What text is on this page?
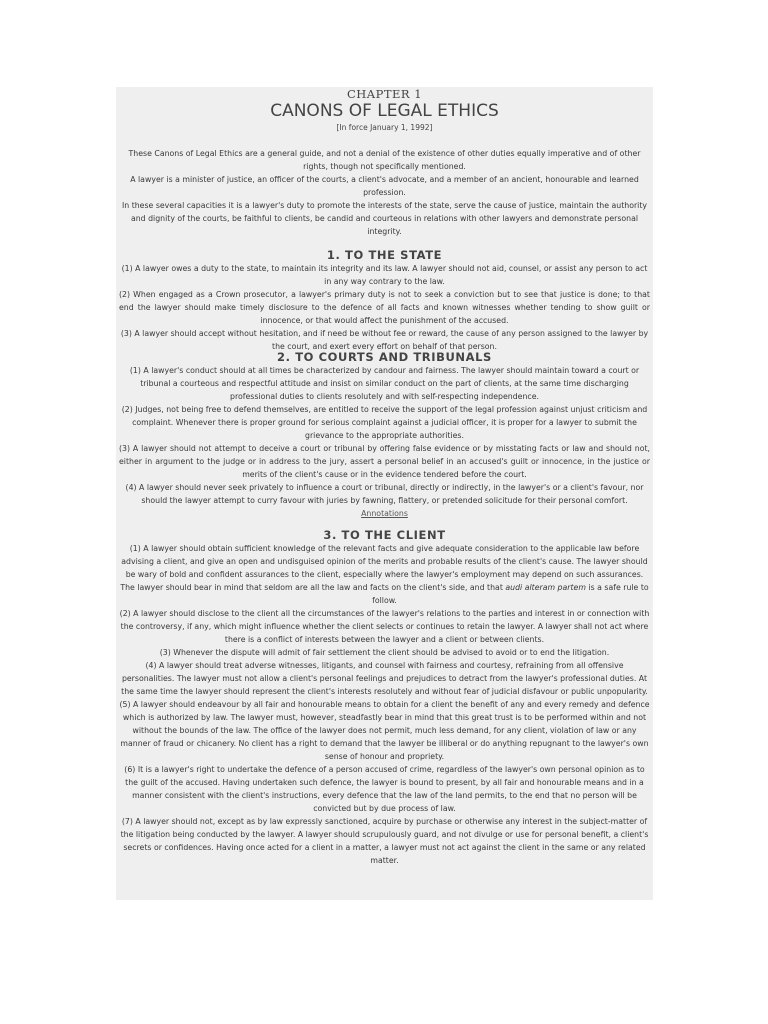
CHAPTER 1

CANONS OF LEGAL ETHICS

[In force January 1, 1992]

These Canons of Legal Ethics are a general guide, and not a denial of the existence of other duties equally imperative and of other rights, though not specifically mentioned.

A lawyer is a minister of justice, an officer of the courts, a client's advocate, and a member of an ancient, honourable and learned profession.

In these several capacities it is a lawyer's duty to promote the interests of the state, serve the cause of justice, maintain the authority and dignity of the courts, be faithful to clients, be candid and courteous in relations with other lawyers and demonstrate personal integrity.

1. TO THE STATE

(1) A lawyer owes a duty to the state, to maintain its integrity and its law. A lawyer should not aid, counsel, or assist any person to act in any way contrary to the law.

(2) When engaged as a Crown prosecutor, a lawyer's primary duty is not to seek a conviction but to see that justice is done; to that end the lawyer should make timely disclosure to the defence of all facts and known witnesses whether tending to show guilt or innocence, or that would affect the punishment of the accused.

(3) A lawyer should accept without hesitation, and if need be without fee or reward, the cause of any person assigned to the lawyer by the court, and exert every effort on behalf of that person.

2. TO COURTS AND TRIBUNALS

(1) A lawyer's conduct should at all times be characterized by candour and fairness. The lawyer should maintain toward a court or tribunal a courteous and respectful attitude and insist on similar conduct on the part of clients, at the same time discharging professional duties to clients resolutely and with self-respecting independence.

(2) Judges, not being free to defend themselves, are entitled to receive the support of the legal profession against unjust criticism and complaint. Whenever there is proper ground for serious complaint against a judicial officer, it is proper for a lawyer to submit the grievance to the appropriate authorities.

(3) A lawyer should not attempt to deceive a court or tribunal by offering false evidence or by misstating facts or law and should not, either in argument to the judge or in address to the jury, assert a personal belief in an accused's guilt or innocence, in the justice or merits of the client's cause or in the evidence tendered before the court.

(4) A lawyer should never seek privately to influence a court or tribunal, directly or indirectly, in the lawyer's or a client's favour, nor should the lawyer attempt to curry favour with juries by fawning, flattery, or pretended solicitude for their personal comfort.

Annotations

3. TO THE CLIENT

(1) A lawyer should obtain sufficient knowledge of the relevant facts and give adequate consideration to the applicable law before advising a client, and give an open and undisguised opinion of the merits and probable results of the client's cause. The lawyer should be wary of bold and confident assurances to the client, especially where the lawyer's employment may depend on such assurances. The lawyer should bear in mind that seldom are all the law and facts on the client's side, and that audi alteram partem is a safe rule to follow.

(2) A lawyer should disclose to the client all the circumstances of the lawyer's relations to the parties and interest in or connection with the controversy, if any, which might influence whether the client selects or continues to retain the lawyer. A lawyer shall not act where there is a conflict of interests between the lawyer and a client or between clients.

(3) Whenever the dispute will admit of fair settlement the client should be advised to avoid or to end the litigation.

(4) A lawyer should treat adverse witnesses, litigants, and counsel with fairness and courtesy, refraining from all offensive personalities. The lawyer must not allow a client's personal feelings and prejudices to detract from the lawyer's professional duties. At the same time the lawyer should represent the client's interests resolutely and without fear of judicial disfavour or public unpopularity.

(5) A lawyer should endeavour by all fair and honourable means to obtain for a client the benefit of any and every remedy and defence which is authorized by law. The lawyer must, however, steadfastly bear in mind that this great trust is to be performed within and not without the bounds of the law. The office of the lawyer does not permit, much less demand, for any client, violation of law or any manner of fraud or chicanery. No client has a right to demand that the lawyer be illiberal or do anything repugnant to the lawyer's own sense of honour and propriety.

(6) It is a lawyer's right to undertake the defence of a person accused of crime, regardless of the lawyer's own personal opinion as to the guilt of the accused. Having undertaken such defence, the lawyer is bound to present, by all fair and honourable means and in a manner consistent with the client's instructions, every defence that the law of the land permits, to the end that no person will be convicted but by due process of law.

(7) A lawyer should not, except as by law expressly sanctioned, acquire by purchase or otherwise any interest in the subject-matter of the litigation being conducted by the lawyer. A lawyer should scrupulously guard, and not divulge or use for personal benefit, a client's secrets or confidences. Having once acted for a client in a matter, a lawyer must not act against the client in the same or any related matter.
